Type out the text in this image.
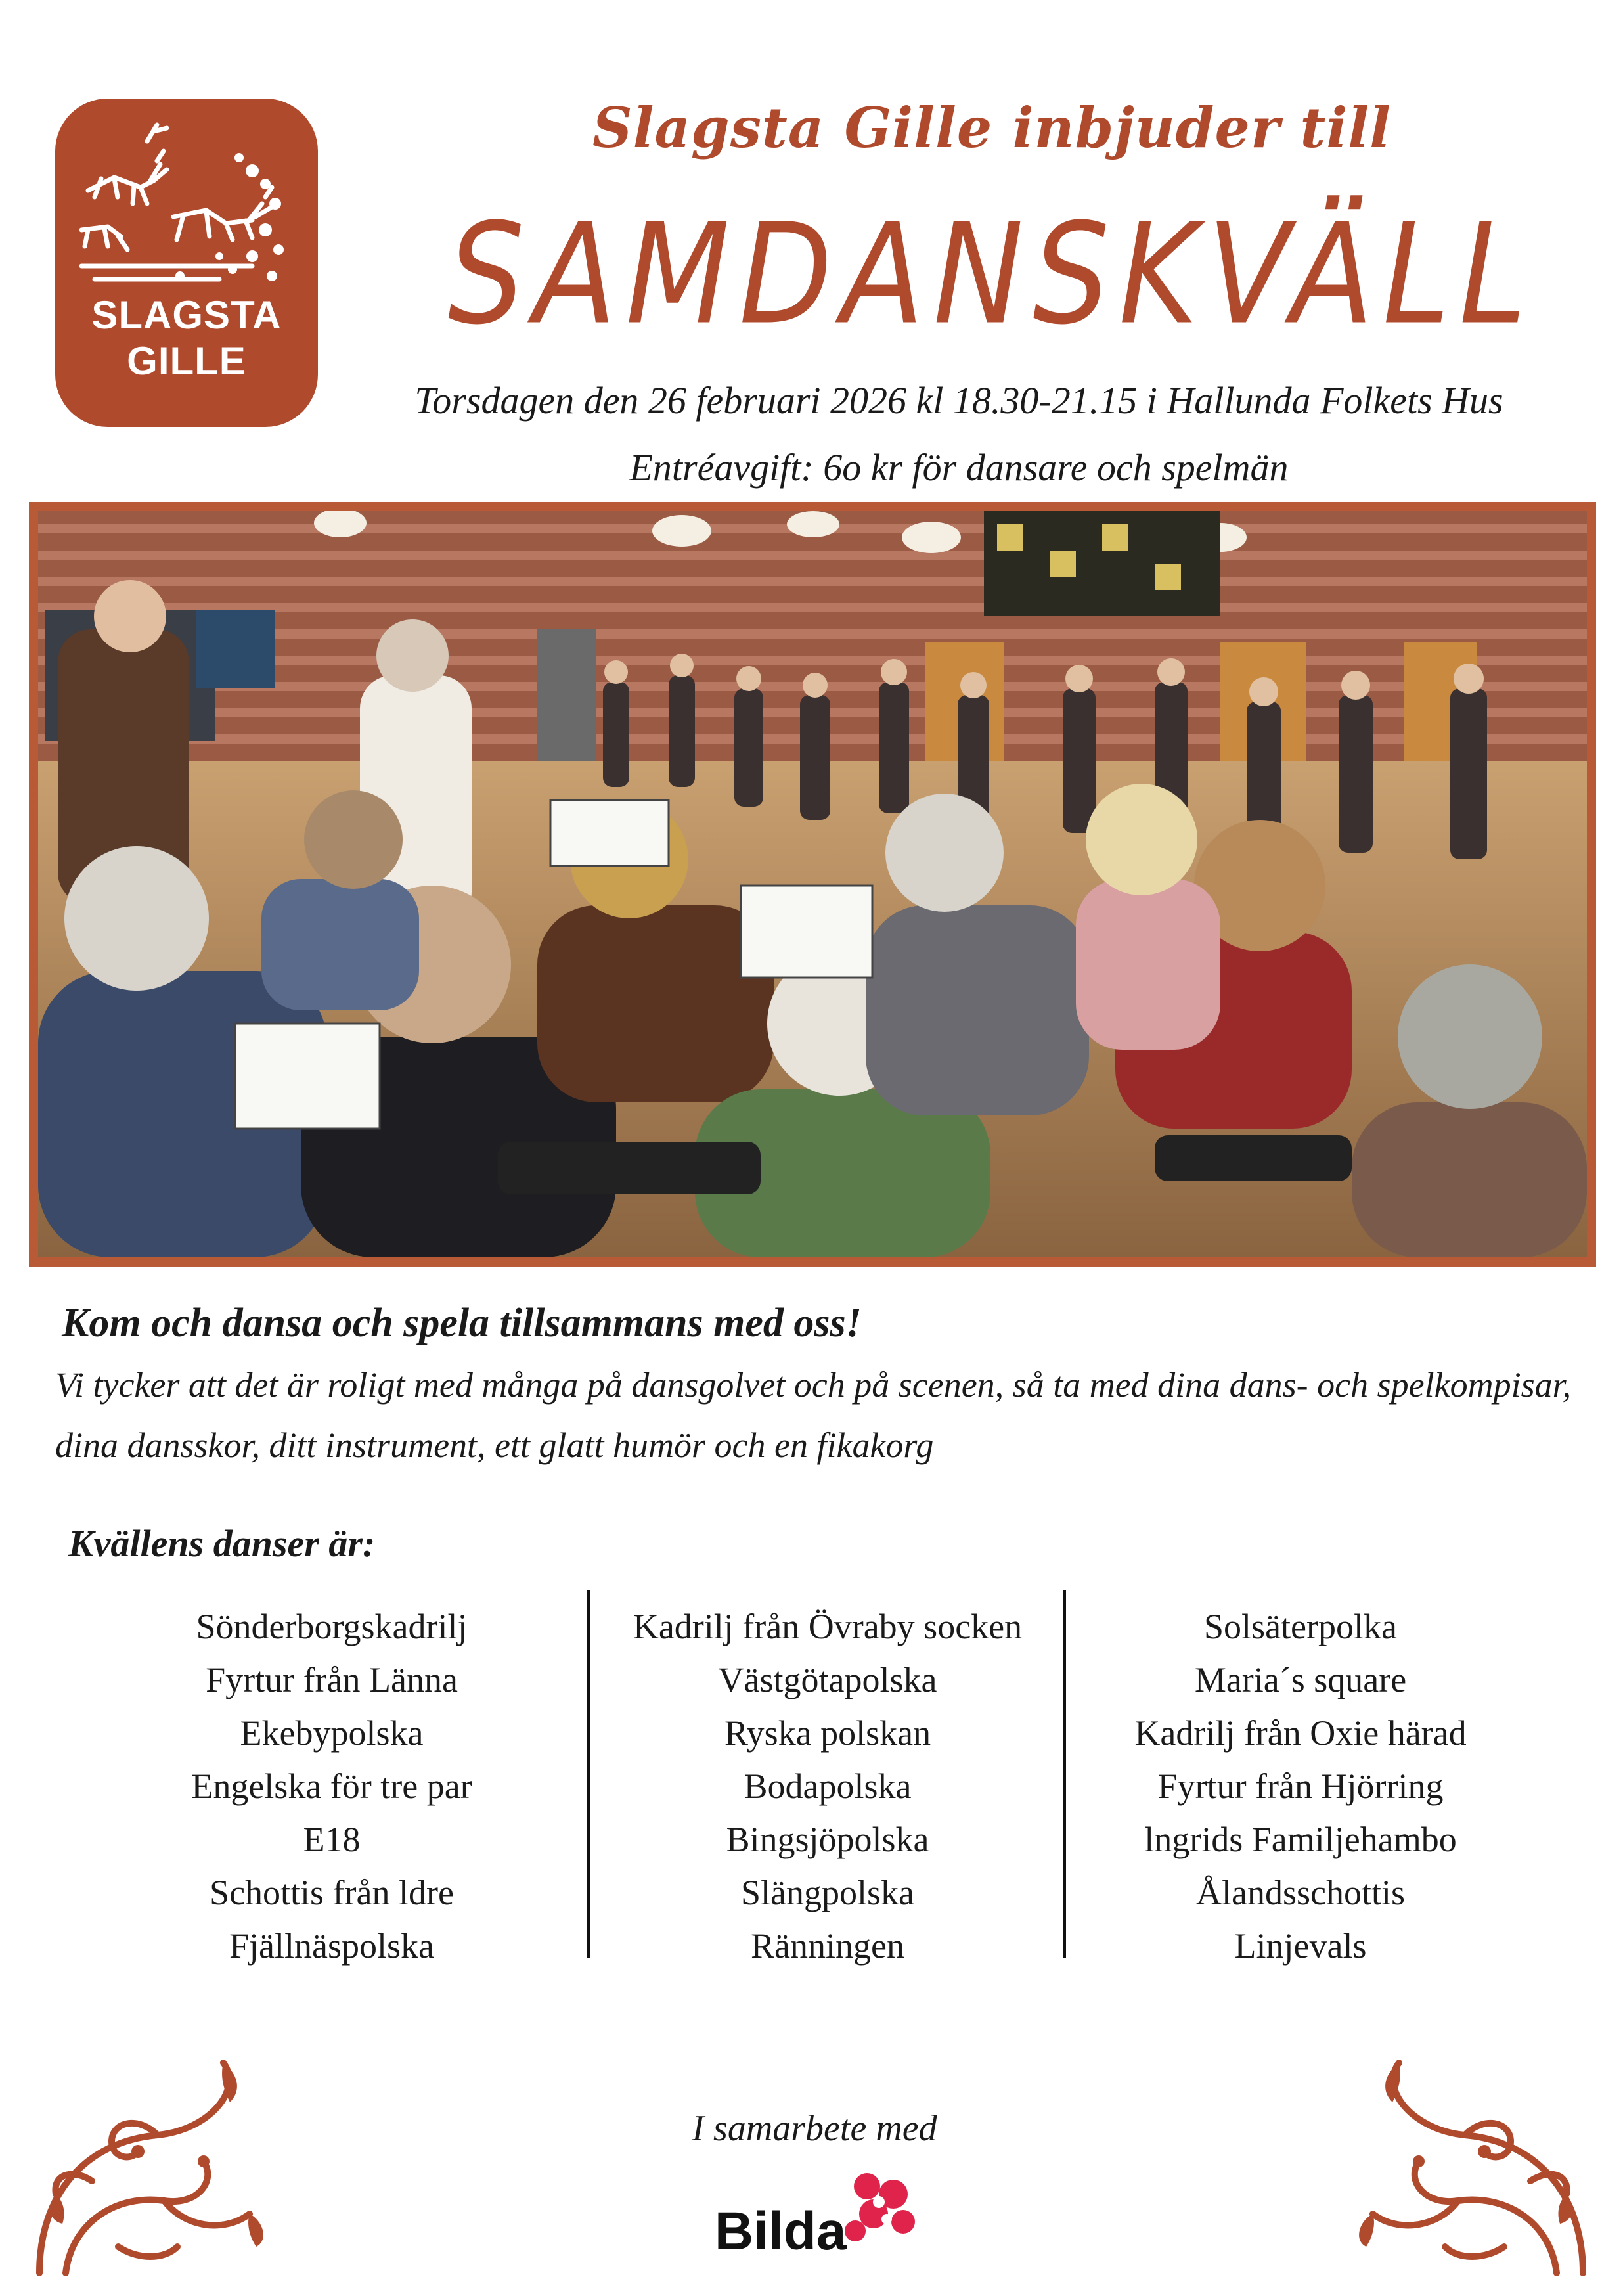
SLAGSTA
GILLE
Slagsta Gille inbjuder till
SAMDANSKVÄLL
Torsdagen den 26 februari 2026 kl 18.30-21.15 i Hallunda Folkets Hus
Entréavgift: 6o kr för dansare och spelmän
Kom och dansa och spela tillsammans med oss!
Vi tycker att det är roligt med många på dansgolvet och på scenen, så ta med dina dans- och spelkompisar, dina dansskor, ditt instrument, ett glatt humör och en fikakorg
Kvällens danser är:
Sönderborgskadrilj
Fyrtur från Länna
Ekebypolska
Engelska för tre par
E18
Schottis från ldre
Fjällnäspolska
Kadrilj från Övraby socken
Västgötapolska
Ryska polskan
Bodapolska
Bingsjöpolska
Slängpolska
Ränningen
Solsäterpolka
Maria´s square
Kadrilj från Oxie härad
Fyrtur från Hjörring
lngrids Familjehambo
Ålandsschottis
Linjevals
I samarbete med
Bilda
